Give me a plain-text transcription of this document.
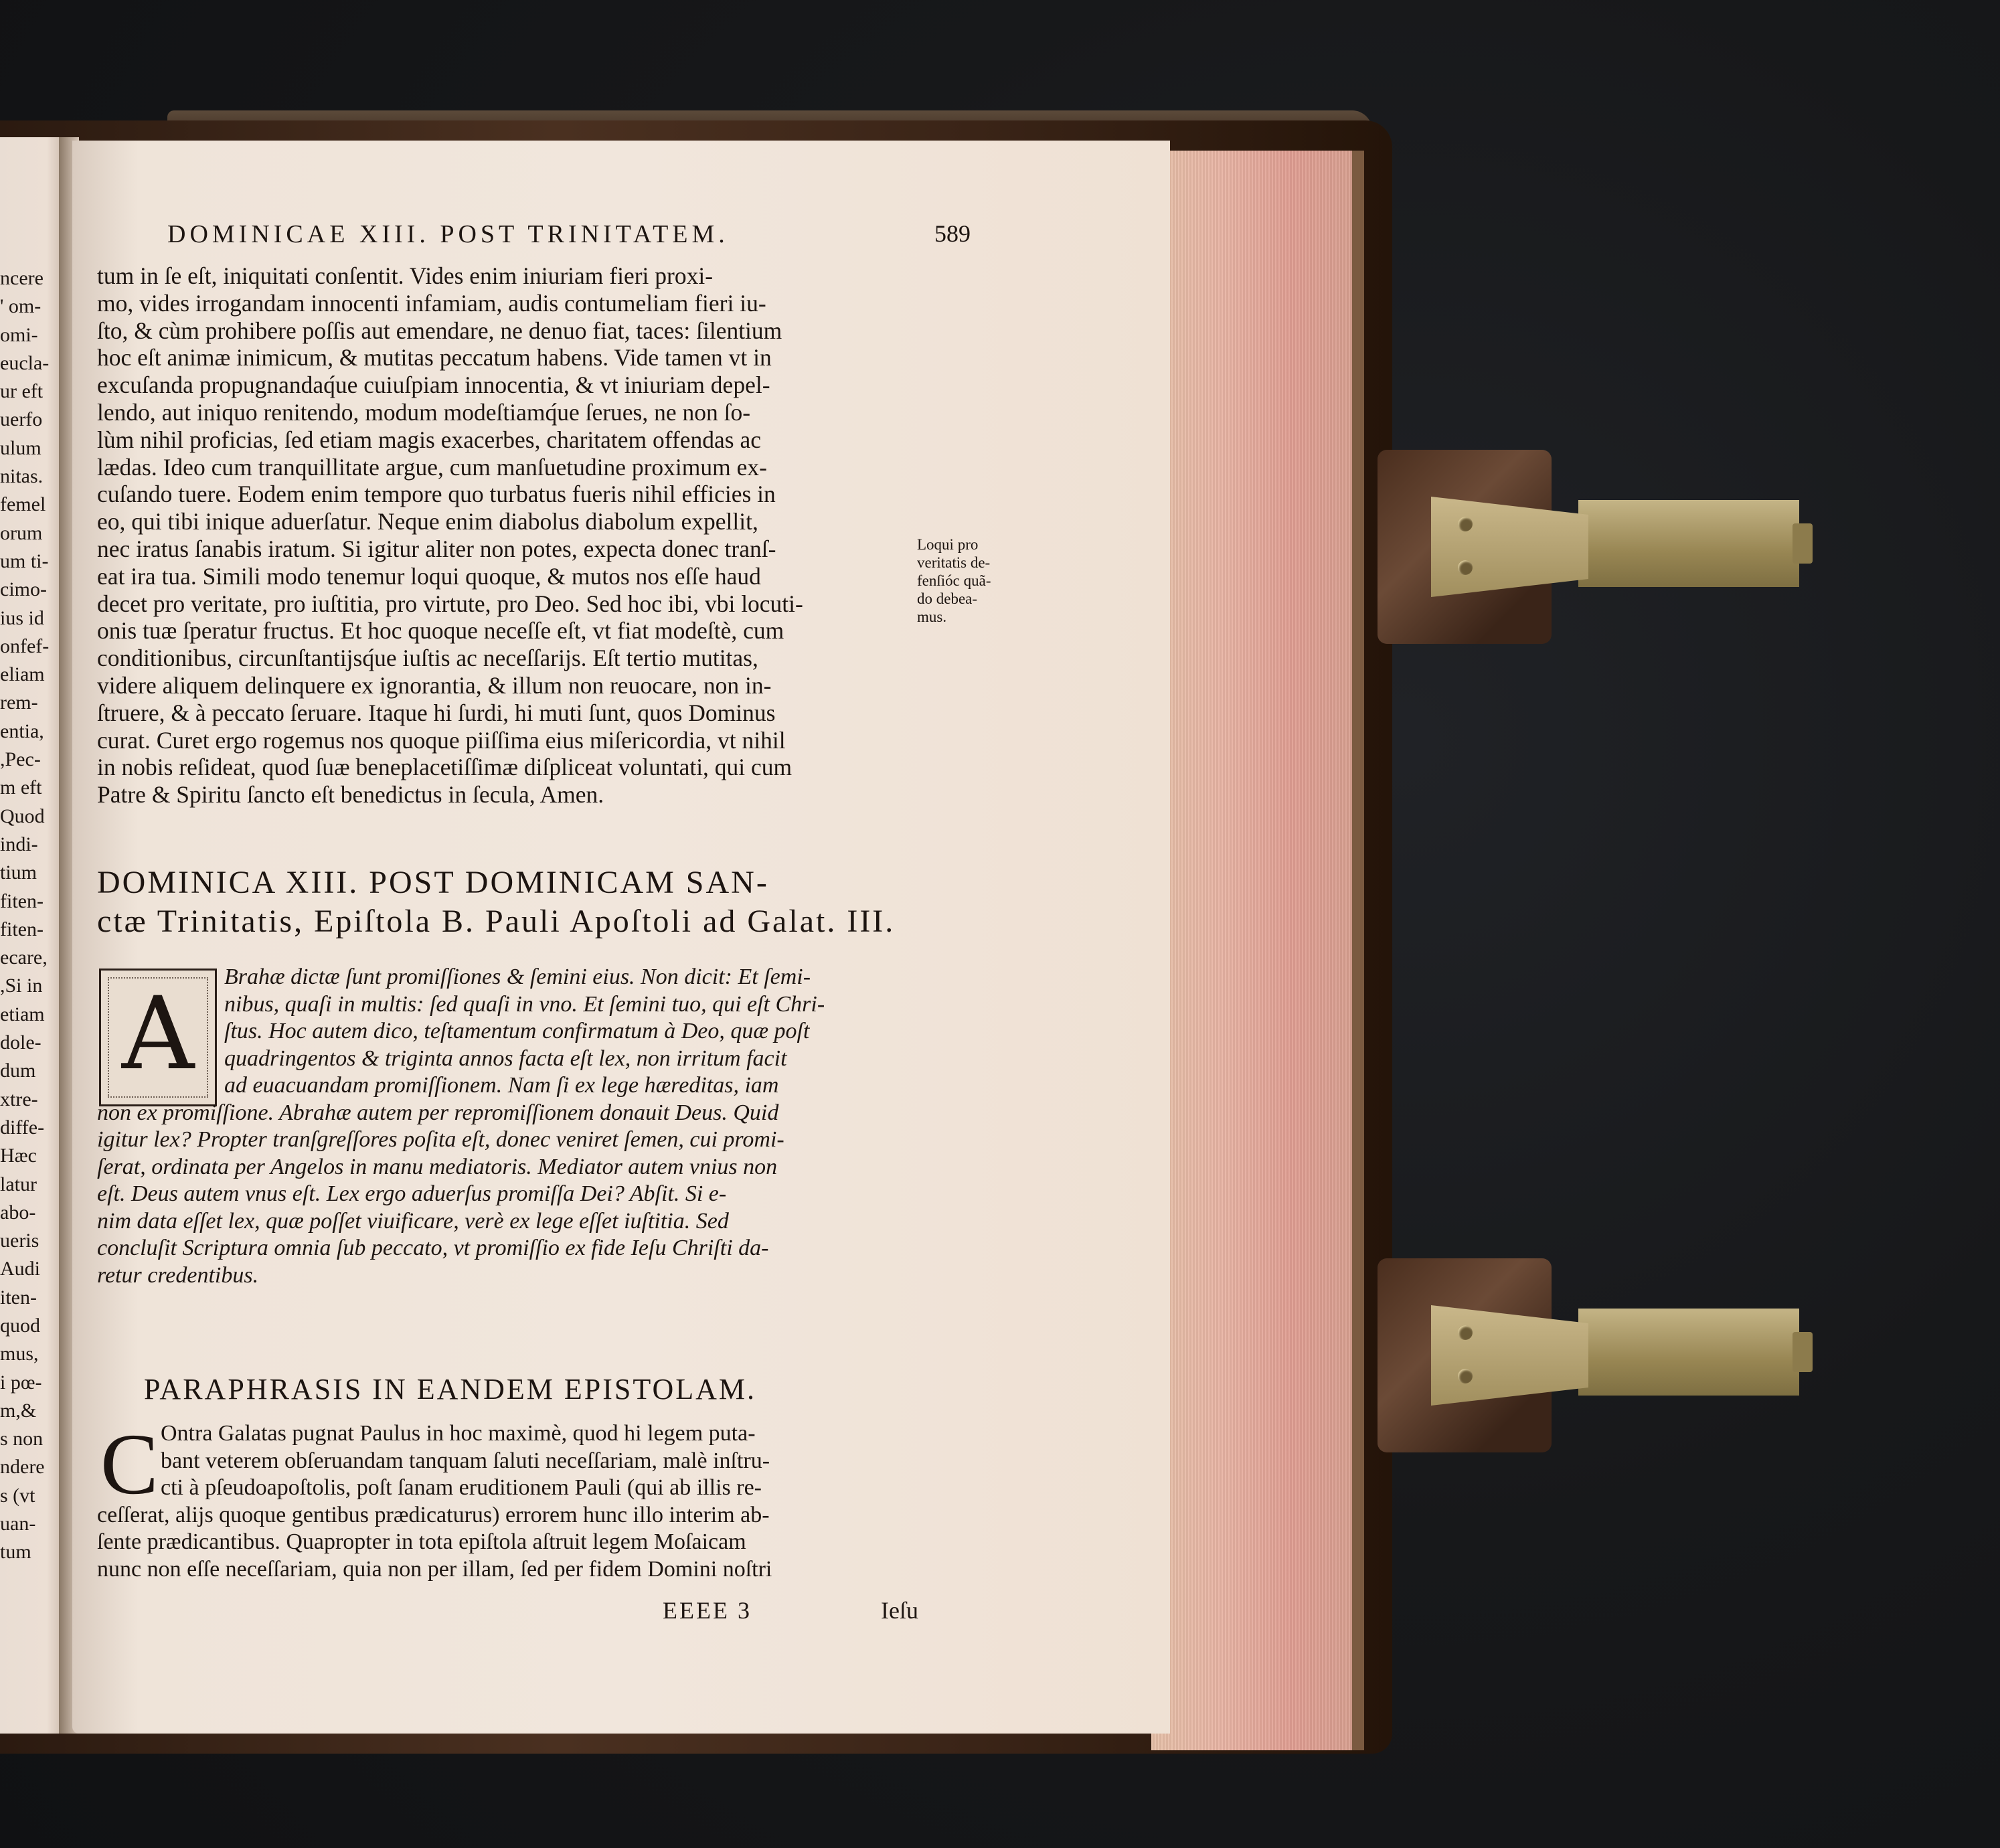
ncere
' om-
omi-
eucla-
ur eft
uerfo
ulum
nitas.
femel
orum
um ti-
cimo-
ius id
onfef-
eliam
rem-
entia,
,Pec-
m eft
Quod
indi-
tium
fiten-
fiten-
ecare,
,Si in
etiam
dole-
dum
xtre-
diffe-
Hæc
latur
abo-
ueris
Audi
iten-
quod
mus,
i pœ-
m,&
s non
ndere
s (vt
uan-
tum
DOMINICAE XIII. POST TRINITATEM.	589
tum in ſe eſt, iniquitati conſentit. Vides enim iniuriam fieri proxi-
mo, vides irrogandam innocenti infamiam, audis contumeliam fieri iu-
ſto, & cùm prohibere poſſis aut emendare, ne denuo fiat, taces: ſilentium
hoc eſt animæ inimicum, & mutitas peccatum habens. Vide tamen vt in
excuſanda propugnandaq́ue cuiuſpiam innocentia, & vt iniuriam depel-
lendo, aut iniquo renitendo, modum modeſtiamq́ue ſerues, ne non ſo-
lùm nihil proficias, ſed etiam magis exacerbes, charitatem offendas ac
lædas. Ideo cum tranquillitate argue, cum manſuetudine proximum ex-
cuſando tuere. Eodem enim tempore quo turbatus fueris nihil efficies in
eo, qui tibi inique aduerſatur. Neque enim diabolus diabolum expellit,
nec iratus ſanabis iratum. Si igitur aliter non potes, expecta donec tranſ-
eat ira tua. Simili modo tenemur loqui quoque, & mutos nos eſſe haud
decet pro veritate, pro iuſtitia, pro virtute, pro Deo. Sed hoc ibi, vbi locuti-
onis tuæ ſperatur fructus. Et hoc quoque neceſſe eſt, vt fiat modeſtè, cum
conditionibus, circunſtantijsq́ue iuſtis ac neceſſarijs. Eſt tertio mutitas,
videre aliquem delinquere ex ignorantia, & illum non reuocare, non in-
ſtruere, & à peccato ſeruare. Itaque hi ſurdi, hi muti ſunt, quos Dominus
curat. Curet ergo rogemus nos quoque piiſſima eius miſericordia, vt nihil
in nobis reſideat, quod ſuæ beneplacetiſſimæ diſpliceat voluntati, qui cum
Patre & Spiritu ſancto eſt benedictus in ſecula, Amen.
Loqui pro
veritatis de-
fenſióc quã-
do debea-
mus.
DOMINICA XIII. POST DOMINICAM SAN-
ctæ Trinitatis, Epiſtola B. Pauli Apoſtoli ad Galat. III.
A	Brahæ dictæ ſunt promiſſiones & ſemini eius. Non dicit: Et ſemi-
nibus, quaſi in multis: ſed quaſi in vno. Et ſemini tuo, qui eſt Chri-
ſtus. Hoc autem dico, teſtamentum confirmatum à Deo, quæ poſt
quadringentos & triginta annos facta eſt lex, non irritum facit
ad euacuandam promiſſionem. Nam ſi ex lege hæreditas, iam
non ex promiſſione. Abrahæ autem per repromiſſionem donauit Deus. Quid
igitur lex? Propter tranſgreſſores poſita eſt, donec veniret ſemen, cui promi-
ſerat, ordinata per Angelos in manu mediatoris. Mediator autem vnius non
eſt. Deus autem vnus eſt. Lex ergo aduerſus promiſſa Dei? Abſit. Si e-
nim data eſſet lex, quæ poſſet viuificare, verè ex lege eſſet iuſtitia. Sed
concluſit Scriptura omnia ſub peccato, vt promiſſio ex fide Ieſu Chriſti da-
retur credentibus.
PARAPHRASIS IN EANDEM EPISTOLAM.
C Ontra Galatas pugnat Paulus in hoc maximè, quod hi legem puta-
bant veterem obſeruandam tanquam ſaluti neceſſariam, malè inſtru-
cti à pſeudoapoſtolis, poſt ſanam eruditionem Pauli (qui ab illis re-
ceſſerat, alijs quoque gentibus prædicaturus) errorem hunc illo interim ab-
ſente prædicantibus. Quapropter in tota epiſtola aſtruit legem Moſaicam
nunc non eſſe neceſſariam, quia non per illam, ſed per fidem Domini noſtri
EEEE 3	Ieſu
